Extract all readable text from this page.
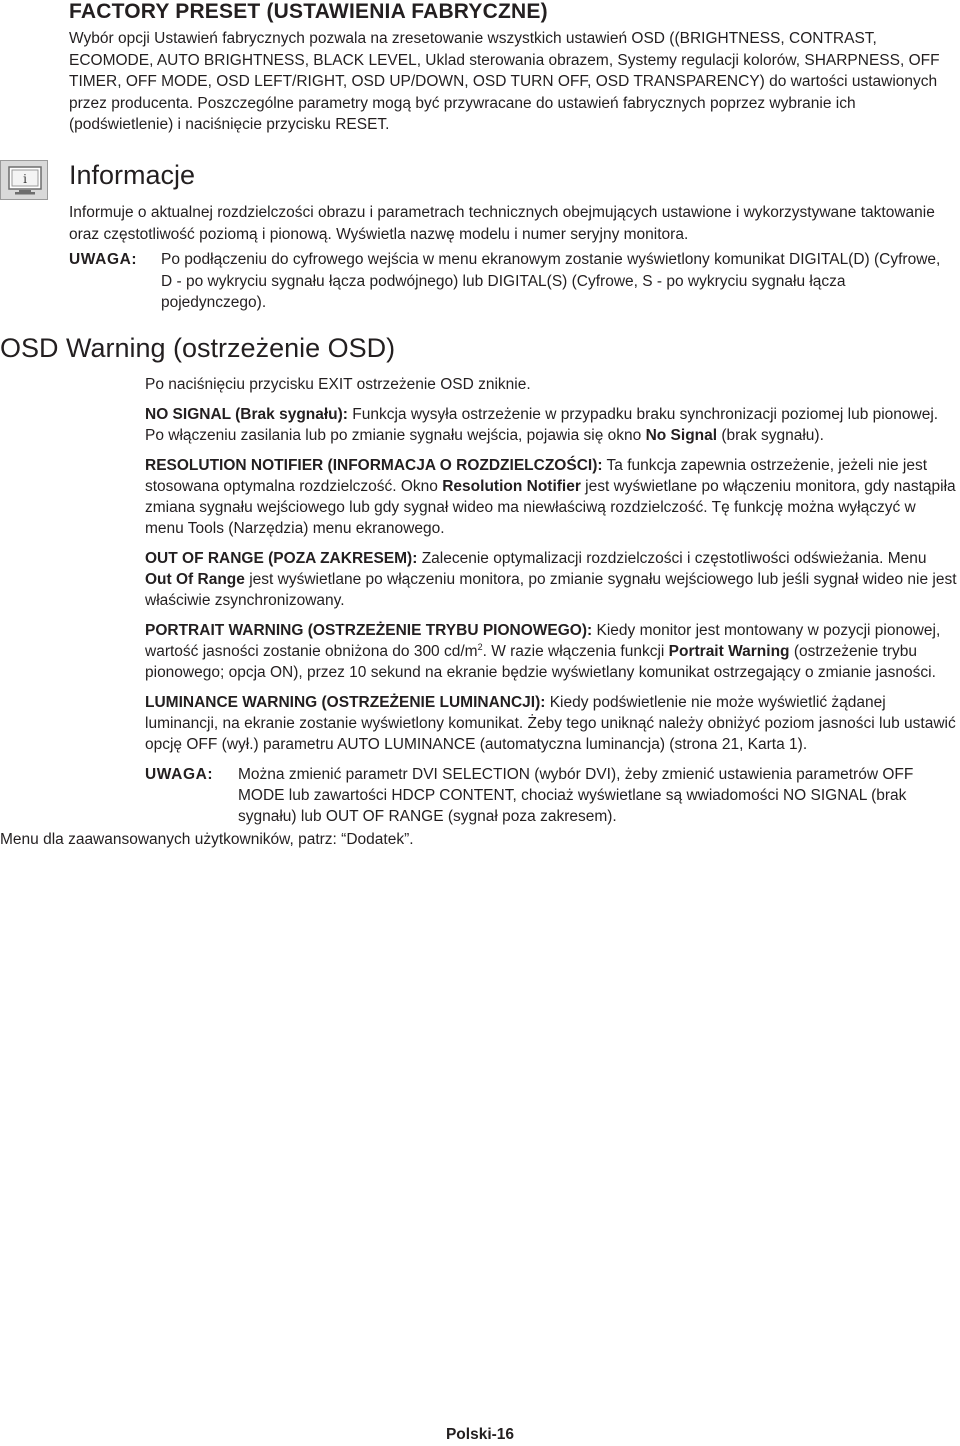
FACTORY PRESET (USTAWIENIA FABRYCZNE)

Wybór opcji Ustawień fabrycznych pozwala na zresetowanie wszystkich ustawień OSD ((BRIGHTNESS, CONTRAST, ECOMODE, AUTO BRIGHTNESS, BLACK LEVEL, Uklad sterowania obrazem, Systemy regulacji kolorów, SHARPNESS, OFF TIMER, OFF MODE, OSD LEFT/RIGHT, OSD UP/DOWN, OSD TURN OFF, OSD TRANSPARENCY) do wartości ustawionych przez producenta. Poszczególne parametry mogą być przywracane do ustawień fabrycznych poprzez wybranie ich (podświetlenie) i naciśnięcie przycisku RESET.

i Informacje

Informuje o aktualnej rozdzielczości obrazu i parametrach technicznych obejmujących ustawione i wykorzystywane taktowanie oraz częstotliwość poziomą i pionową. Wyświetla nazwę modelu i numer seryjny monitora.

UWAGA:	Po podłączeniu do cyfrowego wejścia w menu ekranowym zostanie wyświetlony komunikat DIGITAL(D) (Cyfrowe, D - po wykryciu sygnału łącza podwójnego) lub DIGITAL(S) (Cyfrowe, S - po wykryciu sygnału łącza pojedynczego).
OSD Warning (ostrzeżenie OSD)

Po naciśnięciu przycisku EXIT ostrzeżenie OSD zniknie.

NO SIGNAL (Brak sygnału): Funkcja wysyła ostrzeżenie w przypadku braku synchronizacji poziomej lub pionowej. Po włączeniu zasilania lub po zmianie sygnału wejścia, pojawia się okno No Signal (brak sygnału).

RESOLUTION NOTIFIER (INFORMACJA O ROZDZIELCZOŚCI): Ta funkcja zapewnia ostrzeżenie, jeżeli nie jest stosowana optymalna rozdzielczość. Okno Resolution Notifier jest wyświetlane po włączeniu monitora, gdy nastąpiła zmiana sygnału wejściowego lub gdy sygnał wideo ma niewłaściwą rozdzielczość. Tę funkcję można wyłączyć w menu Tools (Narzędzia) menu ekranowego.

OUT OF RANGE (POZA ZAKRESEM): Zalecenie optymalizacji rozdzielczości i częstotliwości odświeżania. Menu Out Of Range jest wyświetlane po włączeniu monitora, po zmianie sygnału wejściowego lub jeśli sygnał wideo nie jest właściwie zsynchronizowany.

PORTRAIT WARNING (OSTRZEŻENIE TRYBU PIONOWEGO): Kiedy monitor jest montowany w pozycji pionowej, wartość jasności zostanie obniżona do 300 $cd/m^2$. W razie włączenia funkcji Portrait Warning (ostrzeżenie trybu pionowego; opcja ON), przez 10 sekund na ekranie będzie wyświetlany komunikat ostrzegający o zmianie jasności.

LUMINANCE WARNING (OSTRZEŻENIE LUMINANCJI): Kiedy podświetlenie nie może wyświetlić żądanej luminancji, na ekranie zostanie wyświetlony komunikat. Żeby tego uniknąć należy obniżyć poziom jasności lub ustawić opcję OFF (wył.) parametru AUTO LUMINANCE (automatyczna luminancja) (strona 21, Karta 1).

UWAGA:	Można zmienić parametr DVI SELECTION (wybór DVI), żeby zmienić ustawienia parametrów OFF MODE lub zawartości HDCP CONTENT, chociaż wyświetlane są wwiadomości NO SIGNAL (brak sygnału) lub OUT OF RANGE (sygnał poza zakresem).
Menu dla zaawansowanych użytkowników, patrz: “Dodatek”.
Polski-16
